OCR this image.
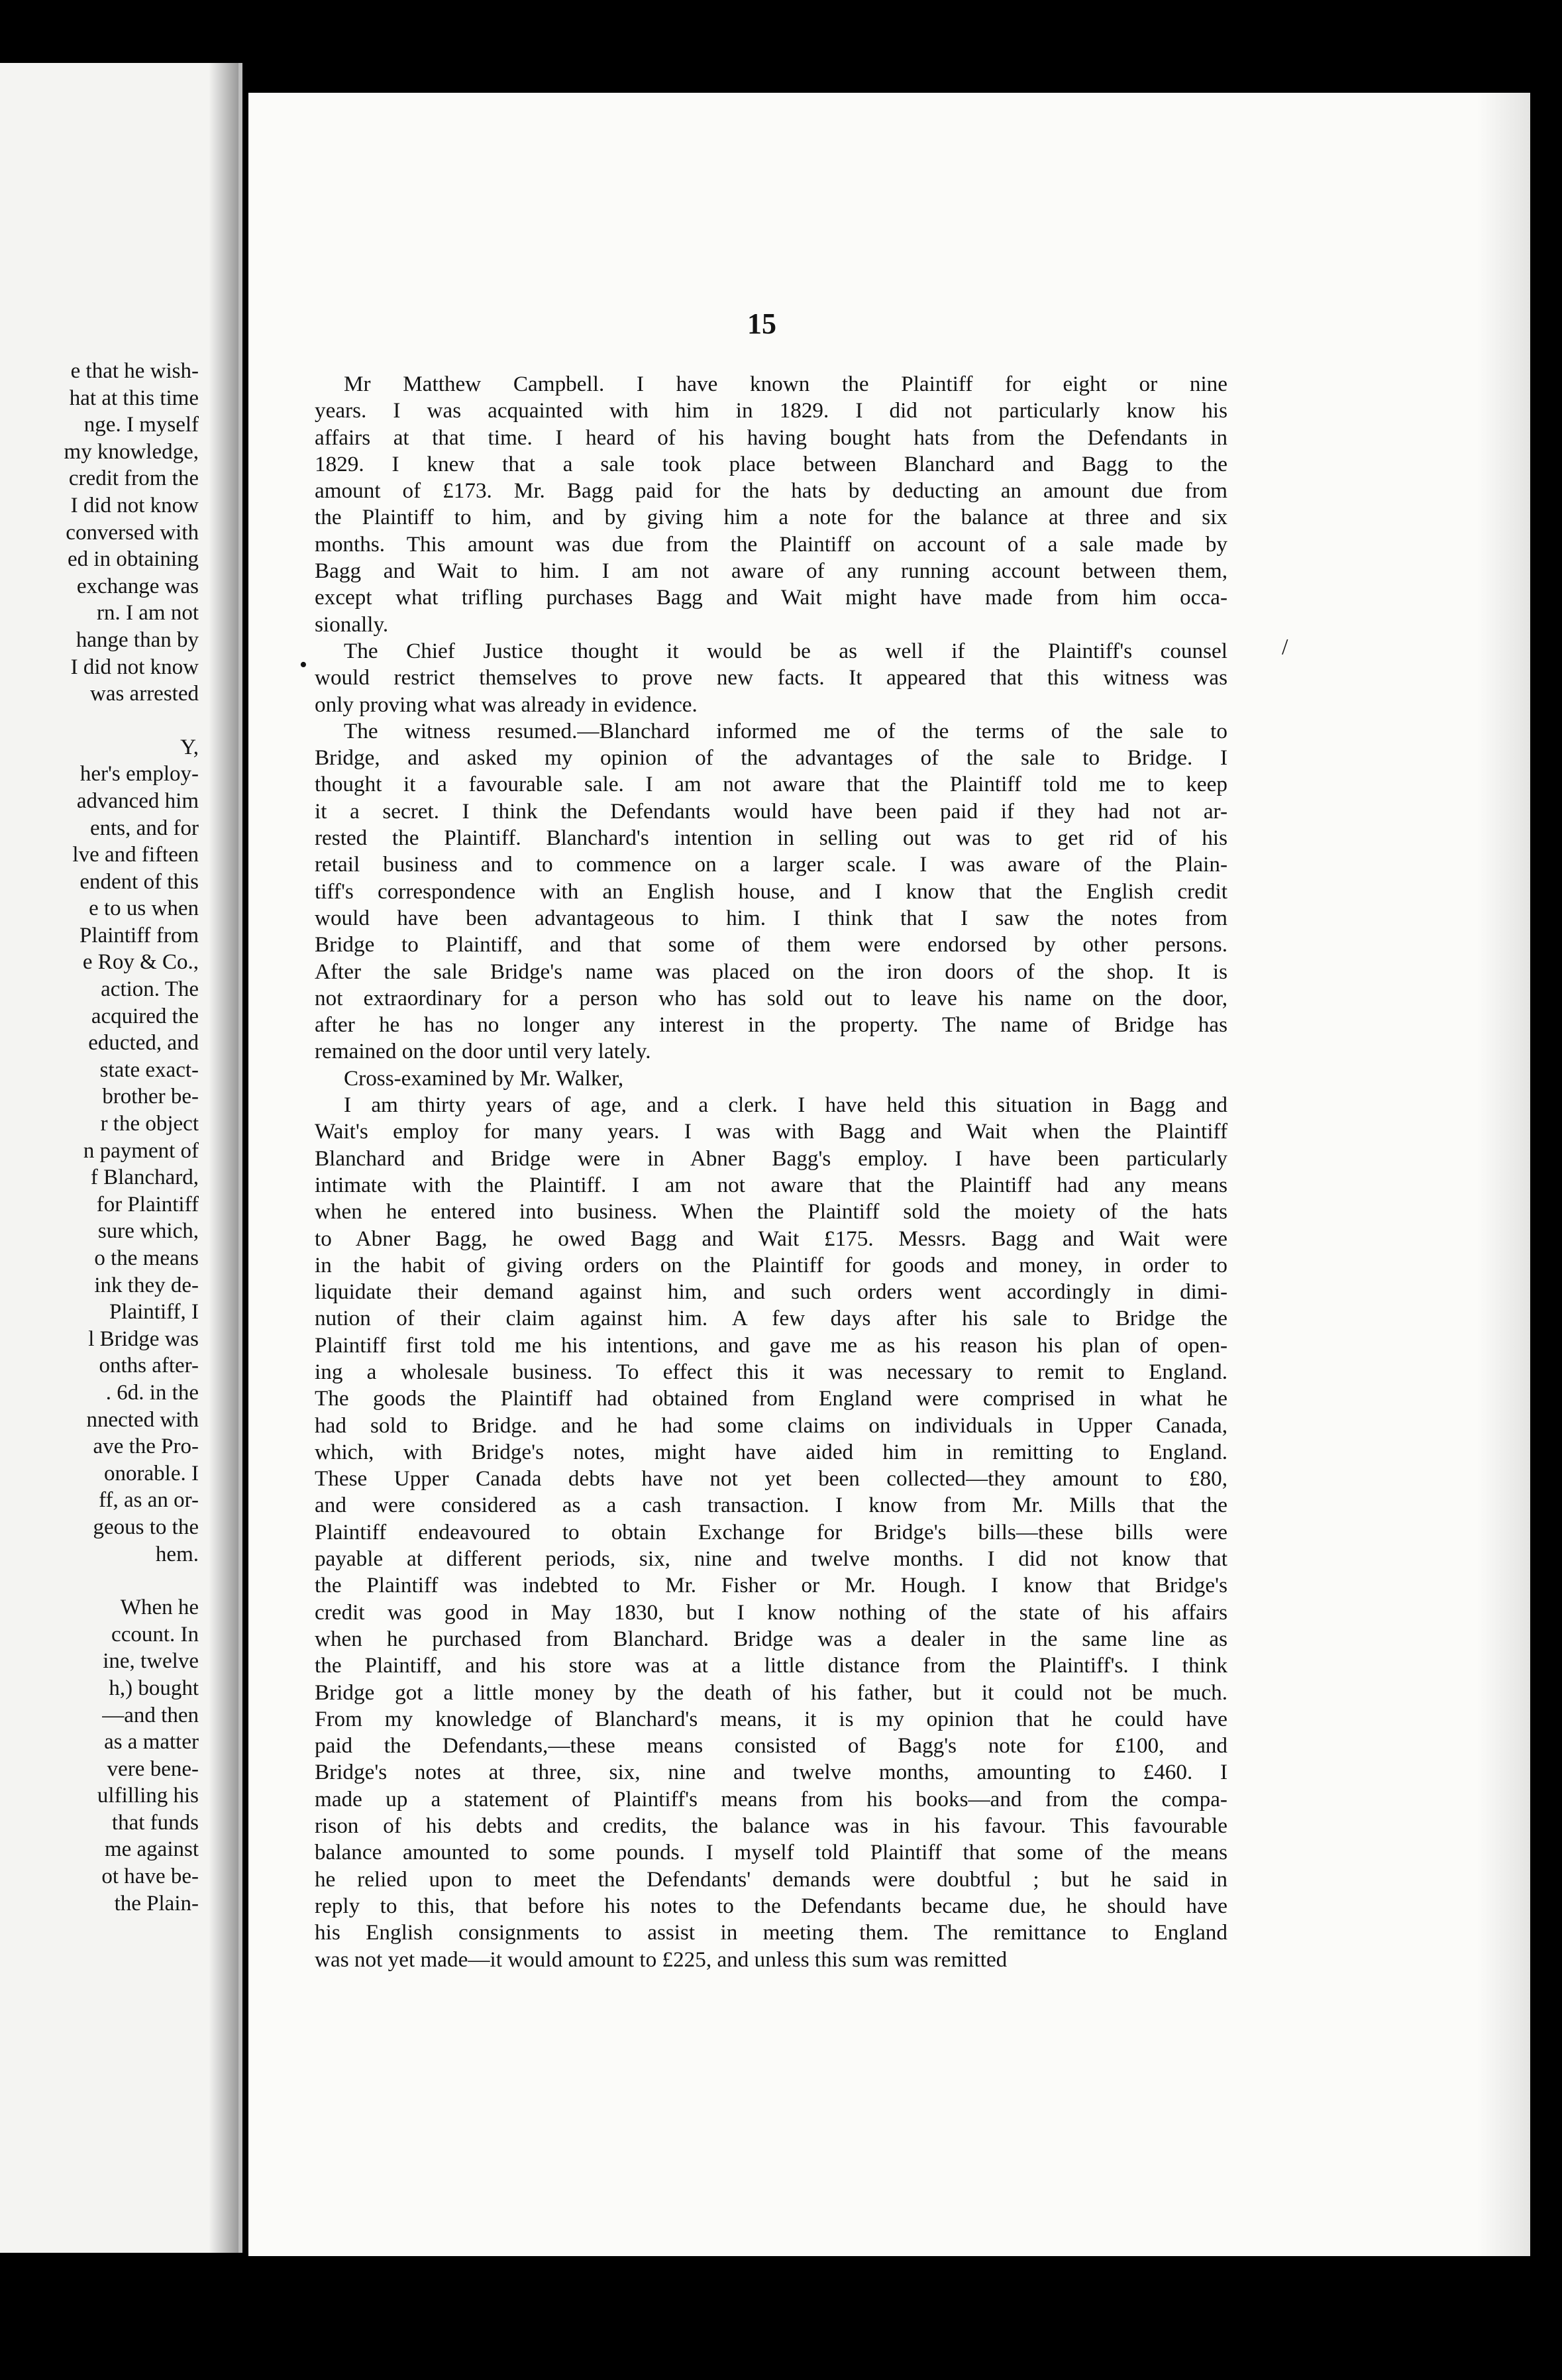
e that he wish-
hat at this time
nge. I myself
my knowledge,
credit from the
I did not know
conversed with
ed in obtaining
exchange was
rn. I am not
hange than by
I did not know
was arrested
Y,
her's employ-
advanced him
ents, and for
lve and fifteen
endent of this
e to us when
Plaintiff from
e Roy & Co.,
action. The
acquired the
educted, and
state exact-
brother be-
r the object
n payment of
f Blanchard,
for Plaintiff
sure which,
o the means
ink they de-
Plaintiff, I
l Bridge was
onths after-
. 6d. in the
nnected with
ave the Pro-
onorable. I
ff, as an or-
geous to the
hem.
When he
ccount. In
ine, twelve
h,) bought
—and then
as a matter
vere bene-
ulfilling his
that funds
me against
ot have be-
the Plain-
15
Mr Matthew Campbell. I have known the Plaintiff for eight or nine
years. I was acquainted with him in 1829. I did not particularly know his
affairs at that time. I heard of his having bought hats from the Defendants in
1829. I knew that a sale took place between Blanchard and Bagg to the
amount of £173. Mr. Bagg paid for the hats by deducting an amount due from
the Plaintiff to him, and by giving him a note for the balance at three and six
months. This amount was due from the Plaintiff on account of a sale made by
Bagg and Wait to him. I am not aware of any running account between them,
except what trifling purchases Bagg and Wait might have made from him occa-
sionally.
The Chief Justice thought it would be as well if the Plaintiff's counsel
would restrict themselves to prove new facts. It appeared that this witness was
only proving what was already in evidence.
The witness resumed.—Blanchard informed me of the terms of the sale to
Bridge, and asked my opinion of the advantages of the sale to Bridge. I
thought it a favourable sale. I am not aware that the Plaintiff told me to keep
it a secret. I think the Defendants would have been paid if they had not ar-
rested the Plaintiff. Blanchard's intention in selling out was to get rid of his
retail business and to commence on a larger scale. I was aware of the Plain-
tiff's correspondence with an English house, and I know that the English credit
would have been advantageous to him. I think that I saw the notes from
Bridge to Plaintiff, and that some of them were endorsed by other persons.
After the sale Bridge's name was placed on the iron doors of the shop. It is
not extraordinary for a person who has sold out to leave his name on the door,
after he has no longer any interest in the property. The name of Bridge has
remained on the door until very lately.
Cross-examined by Mr. Walker,
I am thirty years of age, and a clerk. I have held this situation in Bagg and
Wait's employ for many years. I was with Bagg and Wait when the Plaintiff
Blanchard and Bridge were in Abner Bagg's employ. I have been particularly
intimate with the Plaintiff. I am not aware that the Plaintiff had any means
when he entered into business. When the Plaintiff sold the moiety of the hats
to Abner Bagg, he owed Bagg and Wait £175. Messrs. Bagg and Wait were
in the habit of giving orders on the Plaintiff for goods and money, in order to
liquidate their demand against him, and such orders went accordingly in dimi-
nution of their claim against him. A few days after his sale to Bridge the
Plaintiff first told me his intentions, and gave me as his reason his plan of open-
ing a wholesale business. To effect this it was necessary to remit to England.
The goods the Plaintiff had obtained from England were comprised in what he
had sold to Bridge. and he had some claims on individuals in Upper Canada,
which, with Bridge's notes, might have aided him in remitting to England.
These Upper Canada debts have not yet been collected—they amount to £80,
and were considered as a cash transaction. I know from Mr. Mills that the
Plaintiff endeavoured to obtain Exchange for Bridge's bills—these bills were
payable at different periods, six, nine and twelve months. I did not know that
the Plaintiff was indebted to Mr. Fisher or Mr. Hough. I know that Bridge's
credit was good in May 1830, but I know nothing of the state of his affairs
when he purchased from Blanchard. Bridge was a dealer in the same line as
the Plaintiff, and his store was at a little distance from the Plaintiff's. I think
Bridge got a little money by the death of his father, but it could not be much.
From my knowledge of Blanchard's means, it is my opinion that he could have
paid the Defendants,—these means consisted of Bagg's note for £100, and
Bridge's notes at three, six, nine and twelve months, amounting to £460. I
made up a statement of Plaintiff's means from his books—and from the compa-
rison of his debts and credits, the balance was in his favour. This favourable
balance amounted to some pounds. I myself told Plaintiff that some of the means
he relied upon to meet the Defendants' demands were doubtful ; but he said in
reply to this, that before his notes to the Defendants became due, he should have
his English consignments to assist in meeting them. The remittance to England
was not yet made—it would amount to £225, and unless this sum was remitted
•
/
